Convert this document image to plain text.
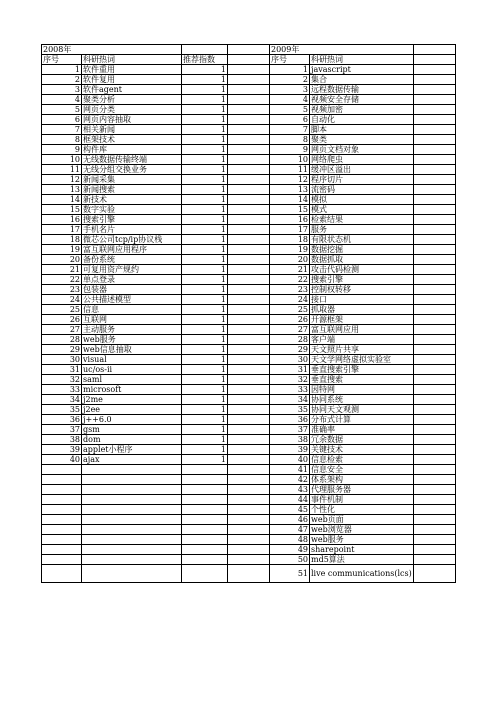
2008年				2009年		
序号	科研热词	推荐指数		序号	科研热词	
1	软件重用	1		1	javascript	
2	软件复用	1		2	集合	
3	软件agent	1		3	远程数据传输	
4	聚类分析	1		4	视频安全存储	
5	网页分类	1		5	视频加密	
6	网页内容抽取	1		6	自动化	
7	相关新闻	1		7	脚本	
8	框架技术	1		8	聚类	
9	构件库	1		9	网页文档对象	
10	无线数据传输终端	1		10	网络爬虫	
11	无线分组交换业务	1		11	缓冲区溢出	
12	新闻采集	1		12	程序切片	
13	新闻搜索	1		13	流密码	
14	新技术	1		14	模拟	
15	数字实验	1		15	模式	
16	搜索引擎	1		16	检索结果	
17	手机名片	1		17	服务	
18	微芯公司tcp/ip协议栈	1		18	有限状态机	
19	富互联网应用程序	1		19	数据挖掘	
20	备份系统	1		20	数据抓取	
21	可复用资产规约	1		21	攻击代码检测	
22	单点登录	1		22	搜索引擎	
23	包装器	1		23	控制权转移	
24	公共描述模型	1		24	接口	
25	信息	1		25	抓取器	
26	互联网	1		26	开源框架	
27	主动服务	1		27	富互联网应用	
28	web服务	1		28	客户端	
29	web信息抽取	1		29	天文照片共享	
30	visual	1		30	天文学网络虚拟实验室	
31	uc/os-ii	1		31	垂直搜索引擎	
32	saml	1		32	垂直搜索	
33	microsoft	1		33	因特网	
34	j2me	1		34	协同系统	
35	j2ee	1		35	协同天文观测	
36	j++6.0	1		36	分布式计算	
37	gsm	1		37	准确率	
38	dom	1		38	冗余数据	
39	applet小程序	1		39	关键技术	
40	ajax	1		40	信息检索	
				41	信息安全	
				42	体系架构	
				43	代理服务器	
				44	事件机制	
				45	个性化	
				46	web页面	
				47	web浏览器	
				48	web服务	
				49	sharepoint	
				50	md5算法	
				51	live communications(lcs)	
